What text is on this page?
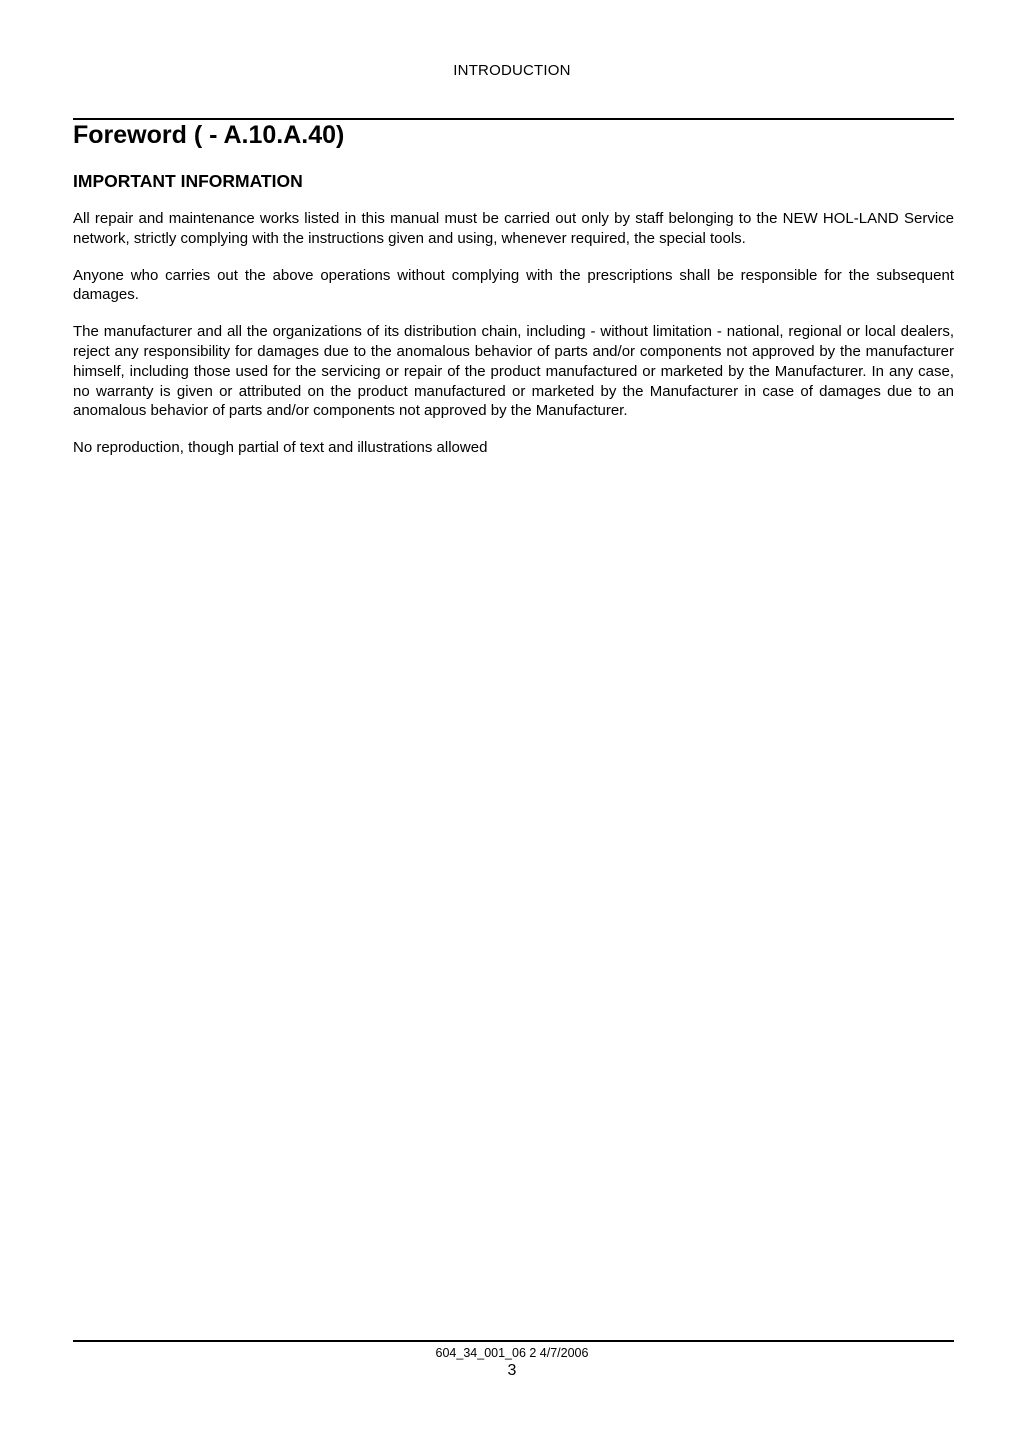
INTRODUCTION
Foreword ( - A.10.A.40)
IMPORTANT INFORMATION

All repair and maintenance works listed in this manual must be carried out only by staff belonging to the NEW HOL-LAND Service network, strictly complying with the instructions given and using, whenever required, the special tools.

Anyone who carries out the above operations without complying with the prescriptions shall be responsible for the subsequent damages.

The manufacturer and all the organizations of its distribution chain, including - without limitation - national, regional or local dealers, reject any responsibility for damages due to the anomalous behavior of parts and/or components not approved by the manufacturer himself, including those used for the servicing or repair of the product manufactured or marketed by the Manufacturer. In any case, no warranty is given or attributed on the product manufactured or marketed by the Manufacturer in case of damages due to an anomalous behavior of parts and/or components not approved by the Manufacturer.

No reproduction, though partial of text and illustrations allowed

604_34_001_06 2 4/7/2006
3
